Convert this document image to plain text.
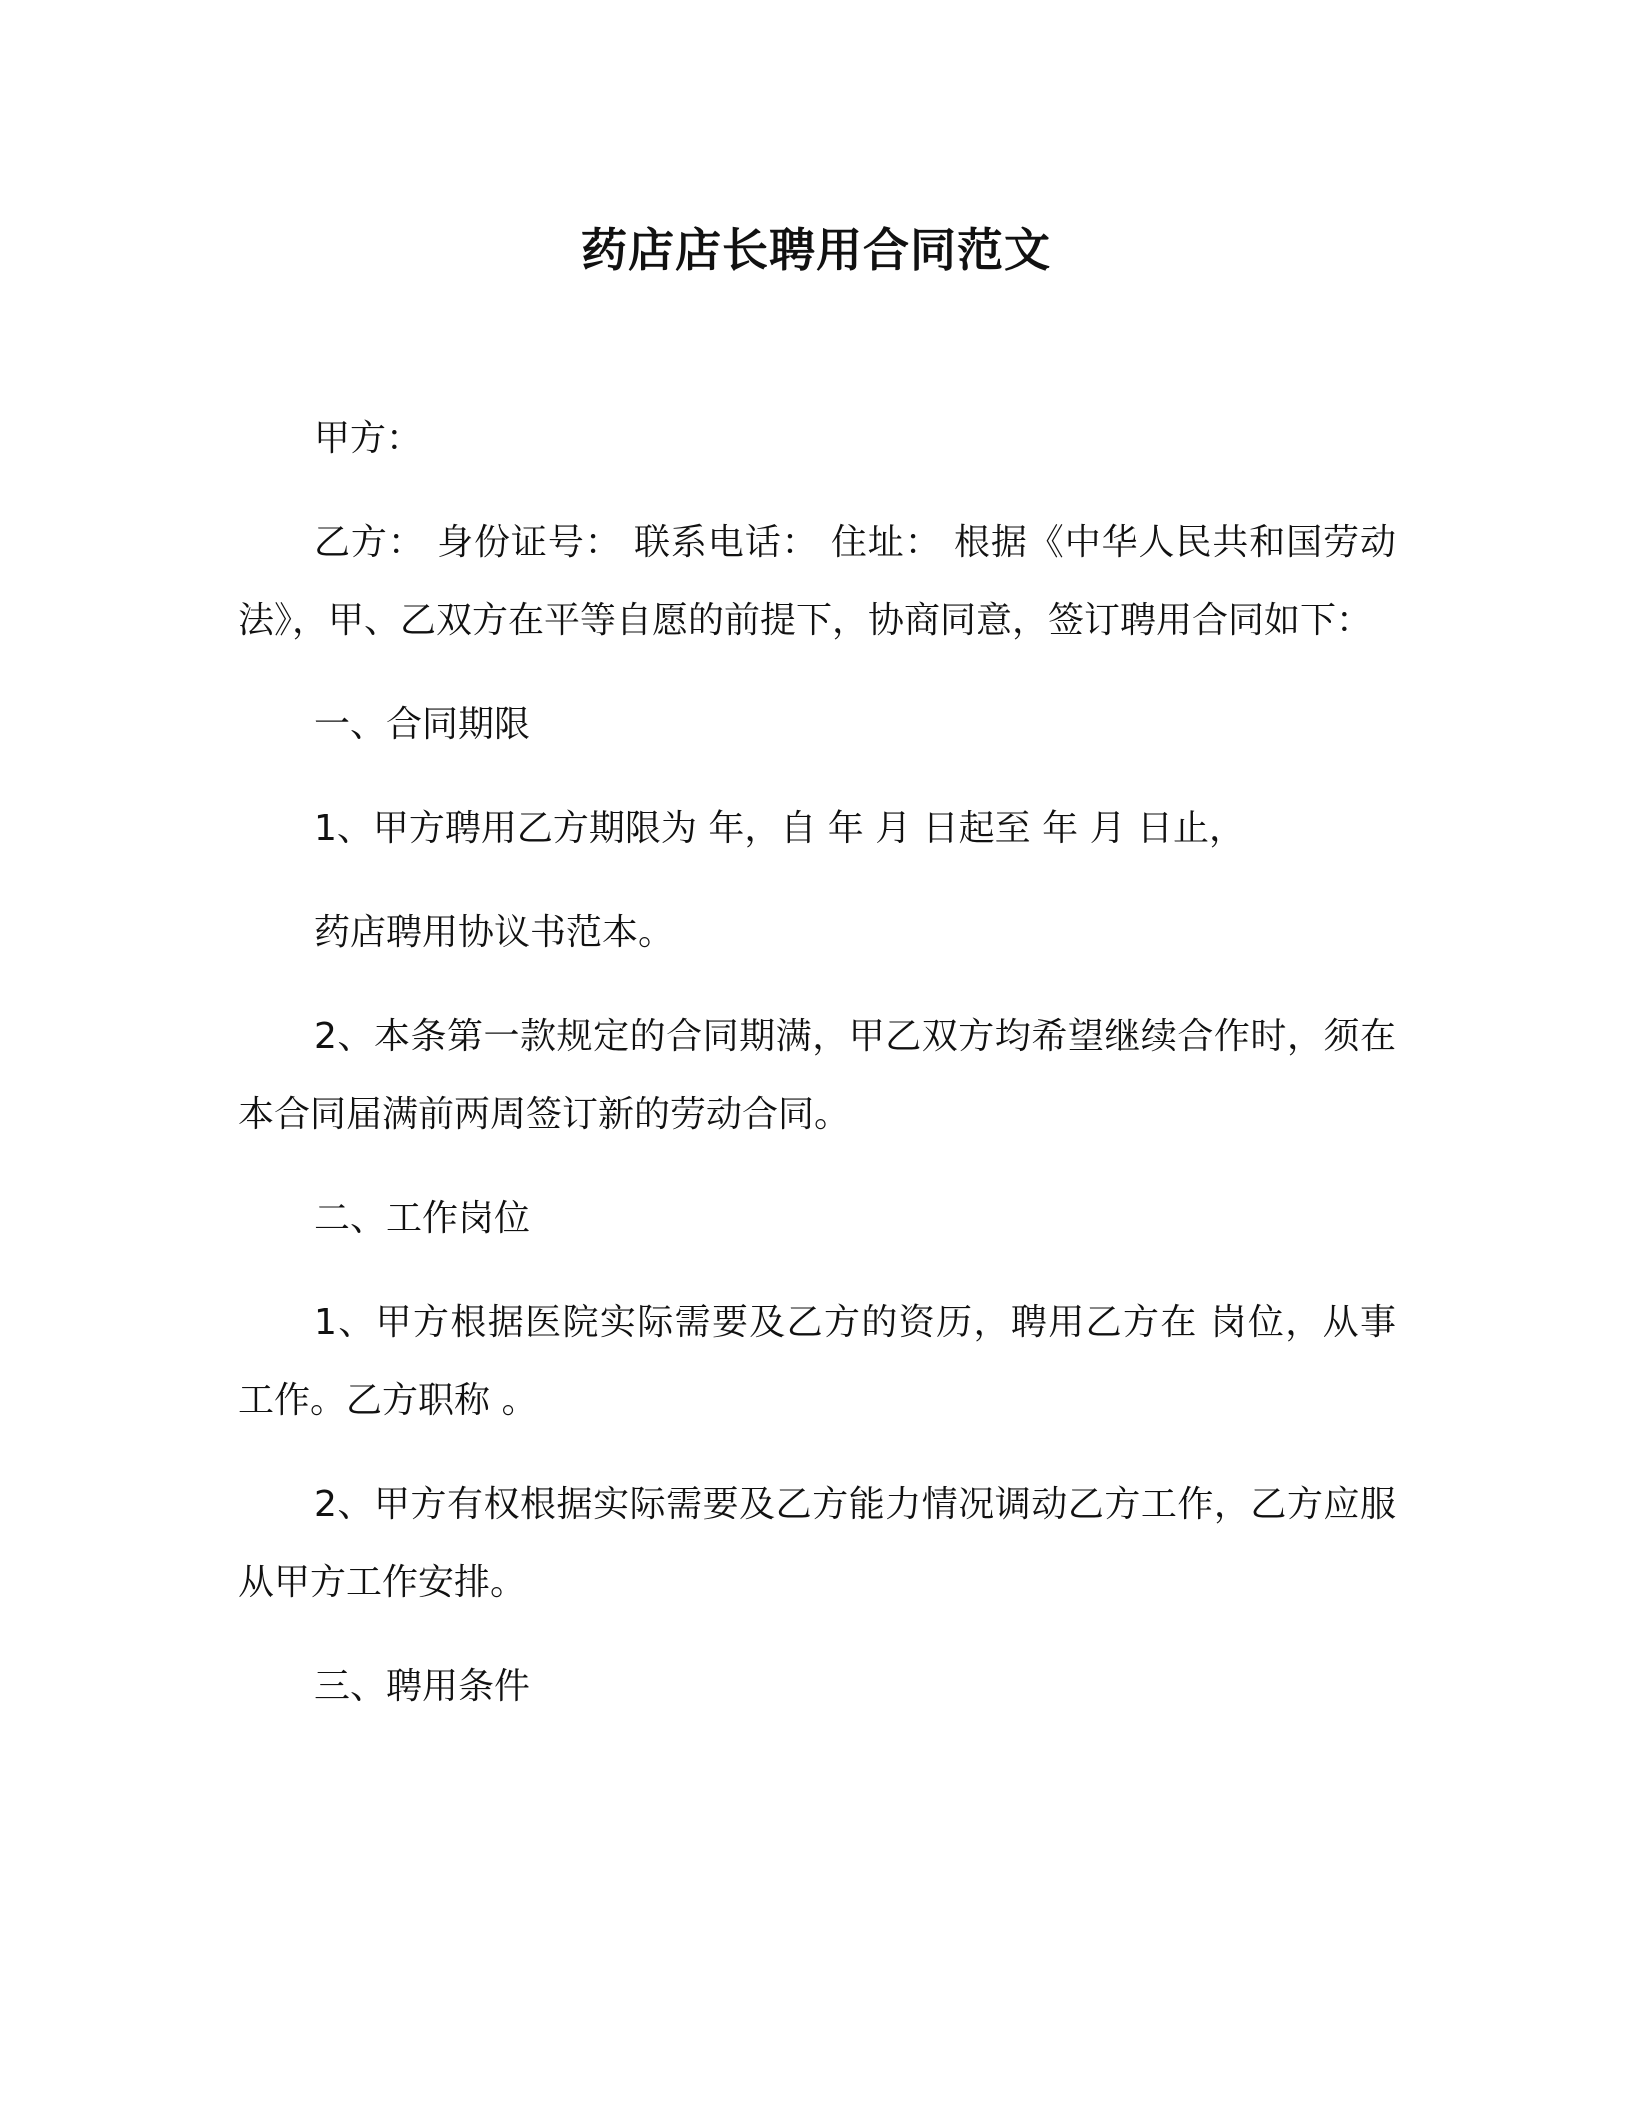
药店店长聘用合同范文

甲方：

乙方： 身份证号： 联系电话： 住址： 根据《中华人民共和国劳动法》，甲、乙双方在平等自愿的前提下，协商同意，签订聘用合同如下：

一、合同期限

1、甲方聘用乙方期限为 年，自 年 月 日起至 年 月 日止，

药店聘用协议书范本。

2、本条第一款规定的合同期满，甲乙双方均希望继续合作时，须在本合同届满前两周签订新的劳动合同。

二、工作岗位

1、甲方根据医院实际需要及乙方的资历，聘用乙方在 岗位，从事 工作。乙方职称 。

2、甲方有权根据实际需要及乙方能力情况调动乙方工作，乙方应服从甲方工作安排。

三、聘用条件
